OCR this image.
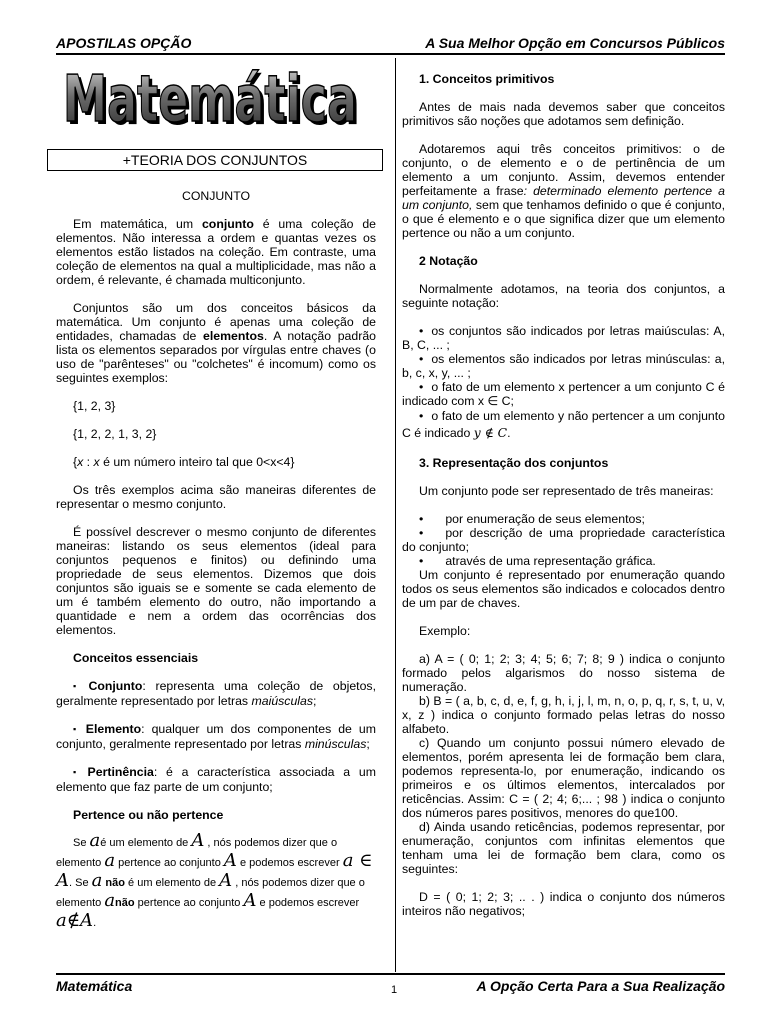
APOSTILAS OPÇÃO	A Sua Melhor Opção em Concursos Públicos
Matemática	1	A Opção Certa Para a Sua Realização
Matemática
Matemática
+TEORIA DOS CONJUNTOS

CONJUNTO

Em matemática, um conjunto é uma coleção de elementos. Não interessa a ordem e quantas vezes os elementos estão listados na coleção. Em contraste, uma coleção de elementos na qual a multiplicidade, mas não a ordem, é relevante, é chamada multiconjunto.

Conjuntos são um dos conceitos básicos da matemática. Um conjunto é apenas uma coleção de entidades, chamadas de elementos. A notação padrão lista os elementos separados por vírgulas entre chaves (o uso de "parênteses" ou "colchetes" é incomum) como os seguintes exemplos:

{1, 2, 3}

{1, 2, 2, 1, 3, 2}

{x : x é um número inteiro tal que 0<x<4}

Os três exemplos acima são maneiras diferentes de representar o mesmo conjunto.

É possível descrever o mesmo conjunto de diferentes maneiras: listando os seus elementos (ideal para conjuntos pequenos e finitos) ou definindo uma propriedade de seus elementos. Dizemos que dois conjuntos são iguais se e somente se cada elemento de um é também elemento do outro, não importando a quantidade e nem a ordem das ocorrências dos elementos.

Conceitos essenciais

▪ Conjunto: representa uma coleção de objetos, geralmente representado por letras maiúsculas;

▪ Elemento: qualquer um dos componentes de um conjunto, geralmente representado por letras minúsculas;

▪ Pertinência: é a característica associada a um elemento que faz parte de um conjunto;

Pertence ou não pertence

Se aé um elemento de A , nós podemos dizer que o elemento a pertence ao conjunto A e podemos escrever a ∈ A. Se a não é um elemento de A , nós podemos dizer que o elemento anão pertence ao conjunto A e podemos escrever a∉A.

1. Conceitos primitivos

Antes de mais nada devemos saber que conceitos primitivos são noções que adotamos sem definição.

Adotaremos aqui três conceitos primitivos: o de conjunto, o de elemento e o de pertinência de um elemento a um conjunto. Assim, devemos entender perfeitamente a frase: determinado elemento pertence a um conjunto, sem que tenhamos definido o que é conjunto, o que é elemento e o que significa dizer que um elemento pertence ou não a um conjunto.

2 Notação

Normalmente adotamos, na teoria dos conjuntos, a seguinte notação:

• os conjuntos são indicados por letras maiúsculas: A, B, C, ... ;

• os elementos são indicados por letras minúsculas: a, b, c, x, y, ... ;

• o fato de um elemento x pertencer a um conjunto C é indicado com x ∈ C;

• o fato de um elemento y não pertencer a um conjunto C é indicado y ∉ C.

3. Representação dos conjuntos

Um conjunto pode ser representado de três maneiras:

• por enumeração de seus elementos;

• por descrição de uma propriedade característica do conjunto;

• através de uma representação gráfica.

Um conjunto é representado por enumeração quando todos os seus elementos são indicados e colocados dentro de um par de chaves.

Exemplo:

a) A = ( 0; 1; 2; 3; 4; 5; 6; 7; 8; 9 ) indica o conjunto formado pelos algarismos do nosso sistema de numeração.

b) B = ( a, b, c, d, e, f, g, h, i, j, l, m, n, o, p, q, r, s, t, u, v, x, z ) indica o conjunto formado pelas letras do nosso alfabeto.

c) Quando um conjunto possui número elevado de elementos, porém apresenta lei de formação bem clara, podemos representa-lo, por enumeração, indicando os primeiros e os últimos elementos, intercalados por reticências. Assim: C = ( 2; 4; 6;... ; 98 ) indica o conjunto dos números pares positivos, menores do que100.

d) Ainda usando reticências, podemos representar, por enumeração, conjuntos com infinitas elementos que tenham uma lei de formação bem clara, como os seguintes:

D = ( 0; 1; 2; 3; .. . ) indica o conjunto dos números inteiros não negativos;
